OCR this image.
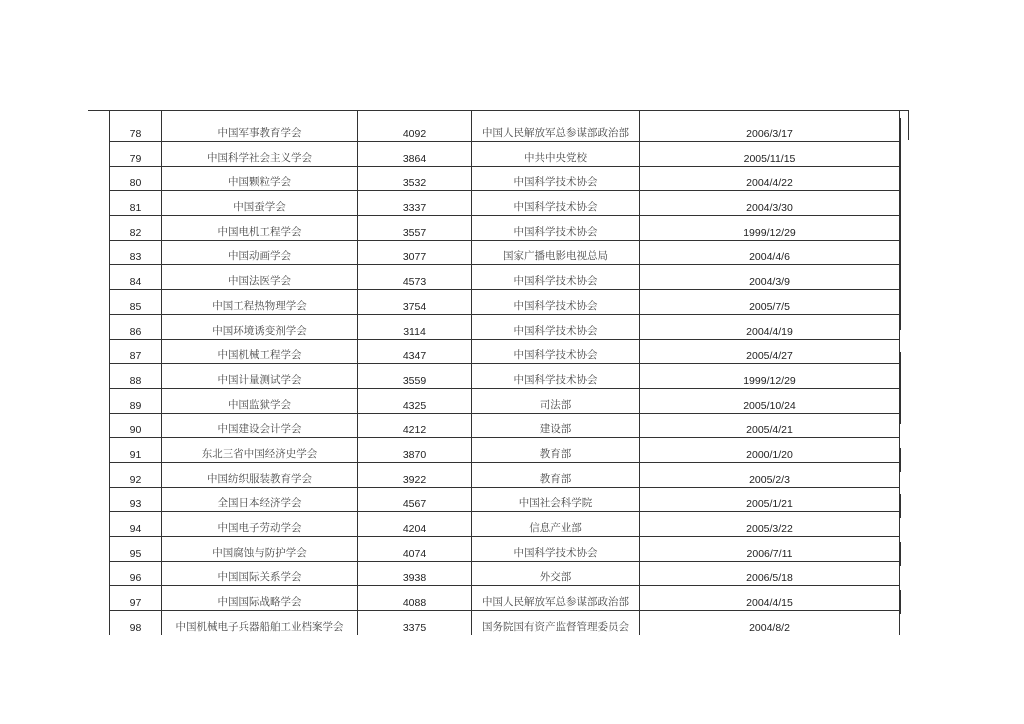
78	中国军事教育学会	4092	中国人民解放军总参谋部政治部	2006/3/17
79	中国科学社会主义学会	3864	中共中央党校	2005/11/15
80	中国颗粒学会	3532	中国科学技术协会	2004/4/22
81	中国蚕学会	3337	中国科学技术协会	2004/3/30
82	中国电机工程学会	3557	中国科学技术协会	1999/12/29
83	中国动画学会	3077	国家广播电影电视总局	2004/4/6
84	中国法医学会	4573	中国科学技术协会	2004/3/9
85	中国工程热物理学会	3754	中国科学技术协会	2005/7/5
86	中国环境诱变剂学会	3114	中国科学技术协会	2004/4/19
87	中国机械工程学会	4347	中国科学技术协会	2005/4/27
88	中国计量测试学会	3559	中国科学技术协会	1999/12/29
89	中国监狱学会	4325	司法部	2005/10/24
90	中国建设会计学会	4212	建设部	2005/4/21
91	东北三省中国经济史学会	3870	教育部	2000/1/20
92	中国纺织服装教育学会	3922	教育部	2005/2/3
93	全国日本经济学会	4567	中国社会科学院	2005/1/21
94	中国电子劳动学会	4204	信息产业部	2005/3/22
95	中国腐蚀与防护学会	4074	中国科学技术协会	2006/7/11
96	中国国际关系学会	3938	外交部	2006/5/18
97	中国国际战略学会	4088	中国人民解放军总参谋部政治部	2004/4/15
98	中国机械电子兵器船舶工业档案学会	3375	国务院国有资产监督管理委员会	2004/8/2
